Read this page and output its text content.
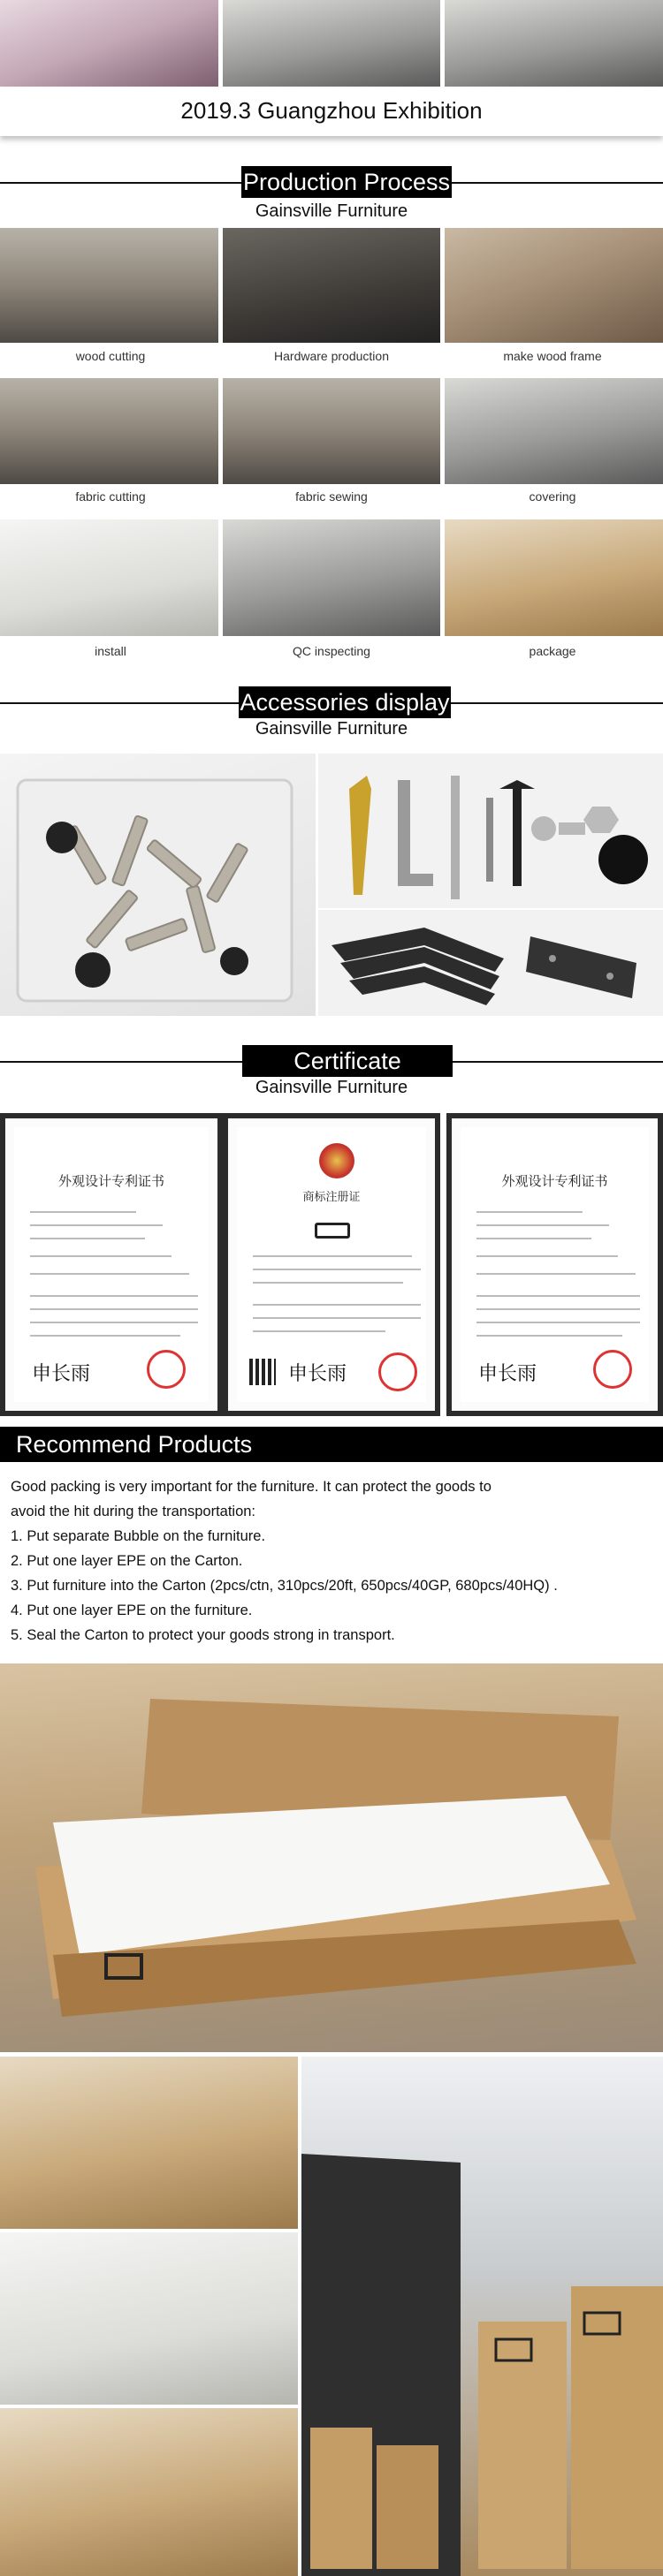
2019.3 Guangzhou Exhibition
Production Process
Gainsville Furniture
wood cutting	Hardware production	make wood frame
fabric cutting	fabric sewing	covering
install	QC inspecting	package
Accessories display
Gainsville Furniture
Certificate
Gainsville Furniture
外观设计专利证书
申长雨
商标注册证
申长雨
外观设计专利证书
申长雨
Recommend Products
Good packing is very important for the furniture. It can protect the goods to
avoid the hit during the transportation:
1. Put separate Bubble on the furniture.
2. Put one layer EPE on the Carton.
3. Put furniture into the Carton (2pcs/ctn, 310pcs/20ft, 650pcs/40GP, 680pcs/40HQ) .
4. Put one layer EPE on the furniture.
5. Seal the Carton to protect your goods strong in transport.
